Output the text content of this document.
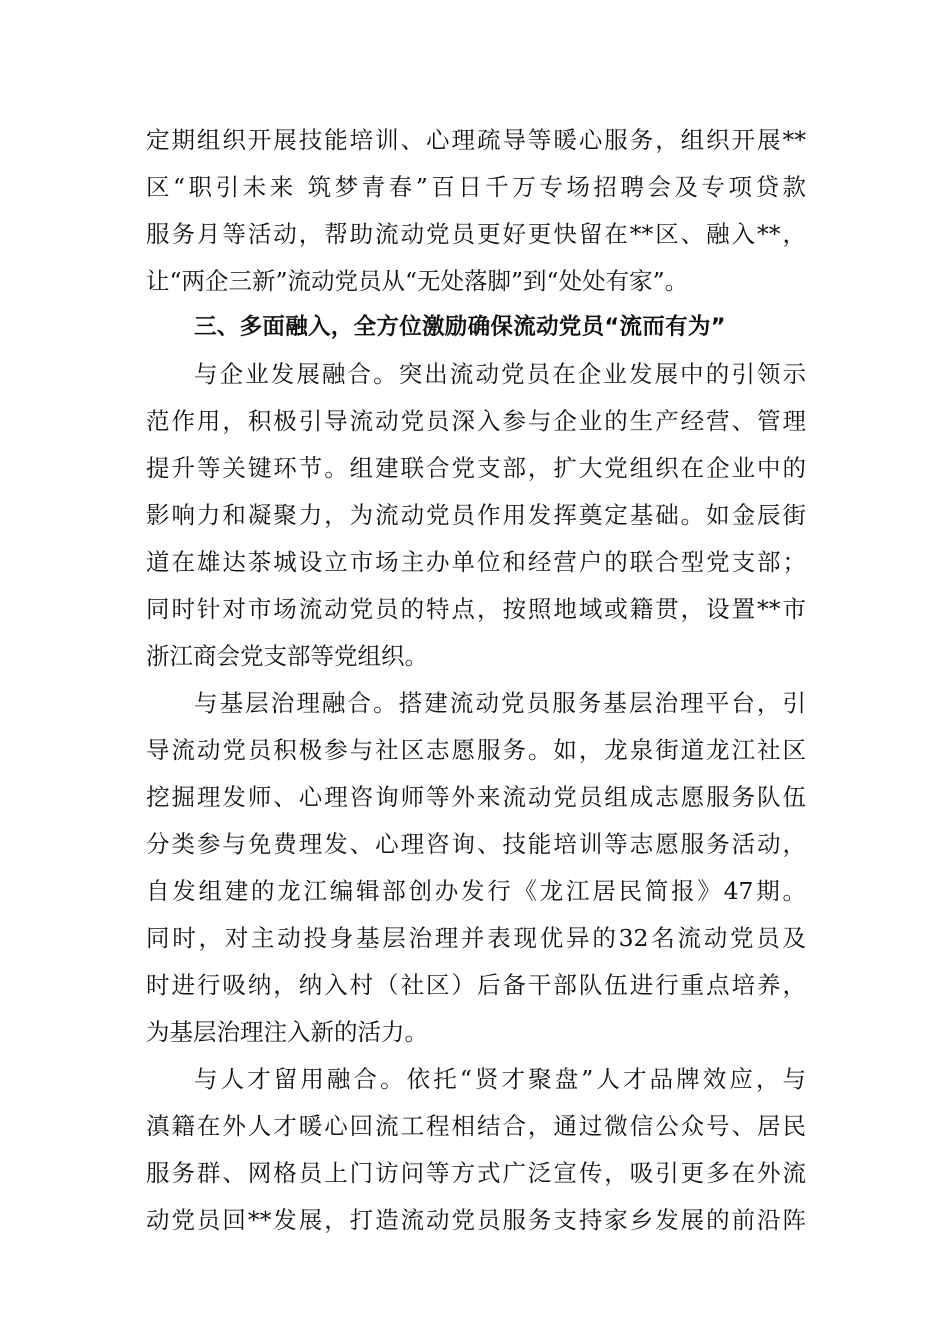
定期组织开展技能培训、心理疏导等暖心服务，组织开展**
区“职引未来 筑梦青春”百日千万专场招聘会及专项贷款
服务月等活动，帮助流动党员更好更快留在**区、融入**，
让“两企三新”流动党员从“无处落脚”到“处处有家”。
三、多面融入，全方位激励确保流动党员“流而有为”
与企业发展融合。突出流动党员在企业发展中的引领示
范作用，积极引导流动党员深入参与企业的生产经营、管理
提升等关键环节。组建联合党支部，扩大党组织在企业中的
影响力和凝聚力，为流动党员作用发挥奠定基础。如金辰街
道在雄达茶城设立市场主办单位和经营户的联合型党支部；
同时针对市场流动党员的特点，按照地域或籍贯，设置**市
浙江商会党支部等党组织。
与基层治理融合。搭建流动党员服务基层治理平台，引
导流动党员积极参与社区志愿服务。如，龙泉街道龙江社区
挖掘理发师、心理咨询师等外来流动党员组成志愿服务队伍
分类参与免费理发、心理咨询、技能培训等志愿服务活动，
自发组建的龙江编辑部创办发行《龙江居民简报》47期。
同时，对主动投身基层治理并表现优异的32名流动党员及
时进行吸纳，纳入村（社区）后备干部队伍进行重点培养，
为基层治理注入新的活力。
与人才留用融合。依托“贤才聚盘”人才品牌效应，与
滇籍在外人才暖心回流工程相结合，通过微信公众号、居民
服务群、网格员上门访问等方式广泛宣传，吸引更多在外流
动党员回**发展，打造流动党员服务支持家乡发展的前沿阵
